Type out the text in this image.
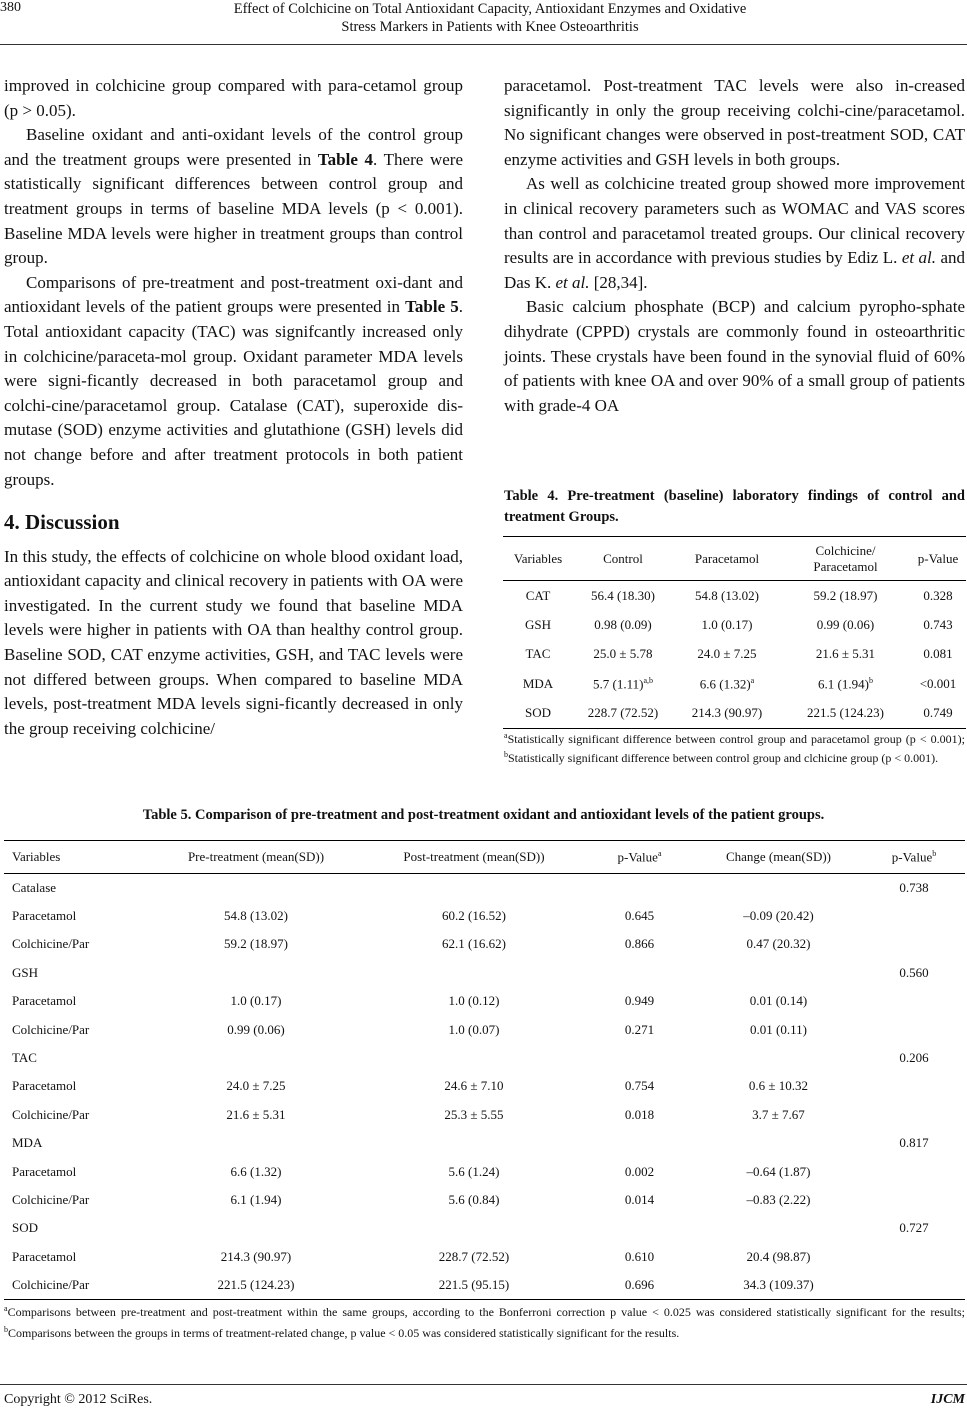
380	Effect of Colchicine on Total Antioxidant Capacity, Antioxidant Enzymes and Oxidative
Stress Markers in Patients with Knee Osteoarthritis

improved in colchicine group compared with para-cetamol group (p > 0.05).

Baseline oxidant and anti-oxidant levels of the control group and the treatment groups were presented in Table 4. There were statistically significant differences between control group and treatment groups in terms of baseline MDA levels (p < 0.001). Baseline MDA levels were higher in treatment groups than control group.

Comparisons of pre-treatment and post-treatment oxi-dant and antioxidant levels of the patient groups were presented in Table 5. Total antioxidant capacity (TAC) was signifcantly increased only in colchicine/paraceta-mol group. Oxidant parameter MDA levels were signi-ficantly decreased in both paracetamol group and colchi-cine/paracetamol group. Catalase (CAT), superoxide dis-mutase (SOD) enzyme activities and glutathione (GSH) levels did not change before and after treatment protocols in both patient groups.

4. Discussion

In this study, the effects of colchicine on whole blood oxidant load, antioxidant capacity and clinical recovery in patients with OA were investigated. In the current study we found that baseline MDA levels were higher in patients with OA than healthy control group. Baseline SOD, CAT enzyme activities, GSH, and TAC levels were not differed between groups. When compared to baseline MDA levels, post-treatment MDA levels signi-ficantly decreased in only the group receiving colchicine/

paracetamol. Post-treatment TAC levels were also in-creased significantly in only the group receiving colchi-cine/paracetamol. No significant changes were observed in post-treatment SOD, CAT enzyme activities and GSH levels in both groups.

As well as colchicine treated group showed more improvement in clinical recovery parameters such as WOMAC and VAS scores than control and paracetamol treated groups. Our clinical recovery results are in accordance with previous studies by Ediz L. et al. and Das K. et al. [28,34].

Basic calcium phosphate (BCP) and calcium pyropho-sphate dihydrate (CPPD) crystals are commonly found in osteoarthritic joints. These crystals have been found in the synovial fluid of 60% of patients with knee OA and over 90% of a small group of patients with grade-4 OA

Table 4. Pre-treatment (baseline) laboratory findings of control and treatment Groups.
Variables	Control	Paracetamol	Colchicine/ Paracetamol	p-Value
CAT	56.4 (18.30)	54.8 (13.02)	59.2 (18.97)	0.328
GSH	0.98 (0.09)	1.0 (0.17)	0.99 (0.06)	0.743
TAC	25.0 ± 5.78	24.0 ± 7.25	21.6 ± 5.31	0.081
MDA	5.7 $(1.11)^{a,b}$	6.6 $(1.32)^a$	6.1 $(1.94)^b$	<0.001
SOD	228.7 (72.52)	214.3 (90.97)	221.5 (124.23)	0.749
$^a$Statistically significant difference between control group and paracetamol group (p < 0.001); $^b$Statistically significant difference between control group and clchicine group (p < 0.001).
Table 5. Comparison of pre-treatment and post-treatment oxidant and antioxidant levels of the patient groups.
Variables	Pre-treatment (mean(SD))	Post-treatment (mean(SD))	p-Value$^a$	Change (mean(SD))	p-Value$^b$
Catalase					0.738
Paracetamol	54.8 (13.02)	60.2 (16.52)	0.645	–0.09 (20.42)	
Colchicine/Par	59.2 (18.97)	62.1 (16.62)	0.866	0.47 (20.32)	
GSH					0.560
Paracetamol	1.0 (0.17)	1.0 (0.12)	0.949	0.01 (0.14)	
Colchicine/Par	0.99 (0.06)	1.0 (0.07)	0.271	0.01 (0.11)	
TAC					0.206
Paracetamol	24.0 ± 7.25	24.6 ± 7.10	0.754	0.6 ± 10.32	
Colchicine/Par	21.6 ± 5.31	25.3 ± 5.55	0.018	3.7 ± 7.67	
MDA					0.817
Paracetamol	6.6 (1.32)	5.6 (1.24)	0.002	–0.64 (1.87)	
Colchicine/Par	6.1 (1.94)	5.6 (0.84)	0.014	–0.83 (2.22)	
SOD					0.727
Paracetamol	214.3 (90.97)	228.7 (72.52)	0.610	20.4 (98.87)	
Colchicine/Par	221.5 (124.23)	221.5 (95.15)	0.696	34.3 (109.37)	
$^a$Comparisons between pre-treatment and post-treatment within the same groups, according to the Bonferroni correction p value < 0.025 was considered statistically significant for the results; $^b$Comparisons between the groups in terms of treatment-related change, p value < 0.05 was considered statistically significant for the results.
Copyright © 2012 SciRes.	IJCM
